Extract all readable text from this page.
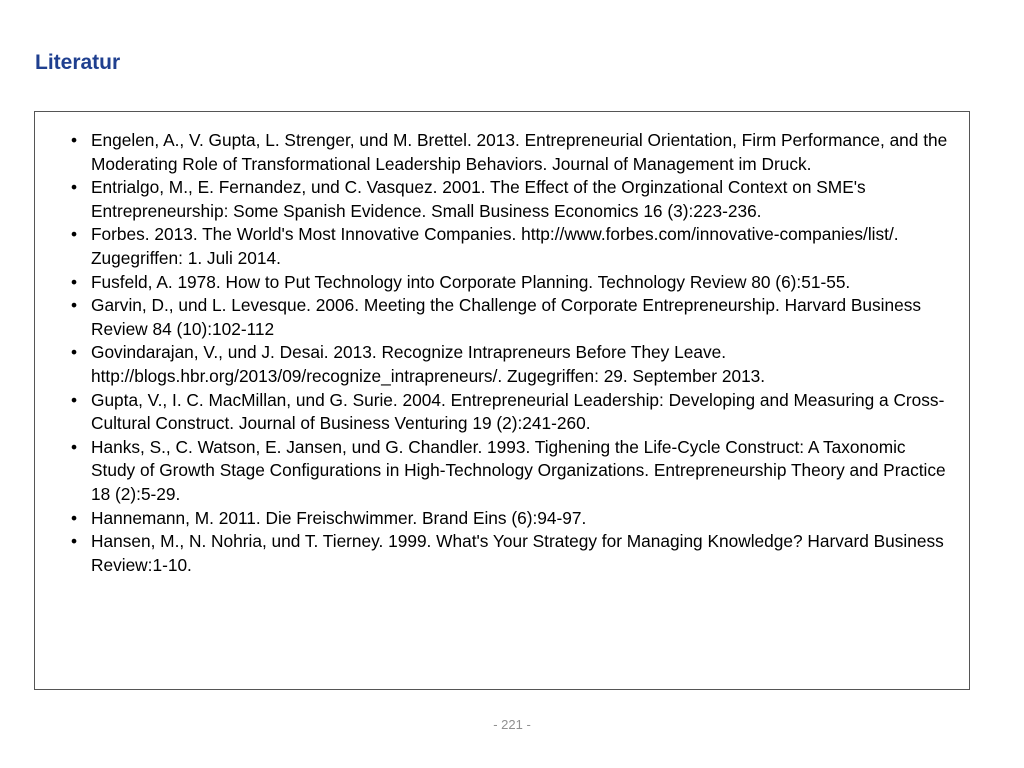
Literatur
• Engelen, A., V. Gupta, L. Strenger, und M. Brettel. 2013. Entrepreneurial Orientation, Firm Performance, and the Moderating Role of Transformational Leadership Behaviors. Journal of Management im Druck.
• Entrialgo, M., E. Fernandez, und C. Vasquez. 2001. The Effect of the Orginzational Context on SME's Entrepreneurship: Some Spanish Evidence. Small Business Economics 16 (3):223-236.
• Forbes. 2013. The World's Most Innovative Companies. http://www.forbes.com/innovative-companies/list/. Zugegriffen: 1. Juli 2014.
• Fusfeld, A. 1978. How to Put Technology into Corporate Planning. Technology Review 80 (6):51-55.
• Garvin, D., und L. Levesque. 2006. Meeting the Challenge of Corporate Entrepreneurship. Harvard Business Review 84 (10):102-112
• Govindarajan, V., und J. Desai. 2013. Recognize Intrapreneurs Before They Leave. http://blogs.hbr.org/2013/09/recognize_intrapreneurs/. Zugegriffen: 29. September 2013.
• Gupta, V., I. C. MacMillan, und G. Surie. 2004. Entrepreneurial Leadership: Developing and Measuring a Cross-Cultural Construct. Journal of Business Venturing 19 (2):241-260.
• Hanks, S., C. Watson, E. Jansen, und G. Chandler. 1993. Tighening the Life-Cycle Construct: A Taxonomic Study of Growth Stage Configurations in High-Technology Organizations. Entrepreneurship Theory and Practice 18 (2):5-29.
• Hannemann, M. 2011. Die Freischwimmer. Brand Eins (6):94-97.
• Hansen, M., N. Nohria, und T. Tierney. 1999. What's Your Strategy for Managing Knowledge? Harvard Business Review:1-10.
- 221 -
